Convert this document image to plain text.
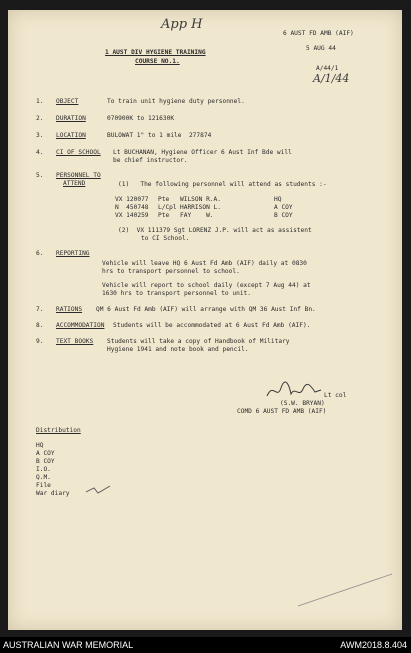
App H
6 AUST FD AMB (AIF)
5 AUG 44
A/44/1
A/1/44
1 AUST DIV HYGIENE TRAINING
COURSE NO.1.
1. OBJECT	To train unit hygiene duty personnel.
2. DURATION	070900K to 121630K
3. LOCATION	BULOWAT 1" to 1 mile  277874
4. CI OF SCHOOL Lt BUCHANAN, Hygiene Officer 6 Aust Inf Bde will
be chief instructor.
5. PERSONNEL TO
ATTEND	(1)   The following personnel will attend as students :-
VX 120077 Pte WILSON R.A.	HQ
N  450748 L/Cpl HARRISON L.	A COY
VX 140259 Pte FAY    W.	B COY
(2)  VX 111379 Sgt LORENZ J.P. will act as assistent
to CI School.
6. REPORTING
Vehicle will leave HQ 6 Aust Fd Amb (AIF) daily at 0830
hrs to transport personnel to school.
Vehicle will report to school daily (except 7 Aug 44) at
1630 hrs to transport personnel to unit.
7. RATIONS QM 6 Aust Fd Amb (AIF) will arrange with QM 36 Aust Inf Bn.
8. ACCOMMODATION Students will be accommodated at 6 Aust Fd Amb (AIF).
9. TEXT BOOKS Students will take a copy of Handbook of Military
Hygiene 1941 and note book and pencil.
Lt col
(S.W. BRYAN)
COMD 6 AUST FD AMB (AIF)
Distribution
HQ
A COY
B COY
I.O.
Q.M.
File
War diary
AUSTRALIAN WAR MEMORIAL	AWM2018.8.404
